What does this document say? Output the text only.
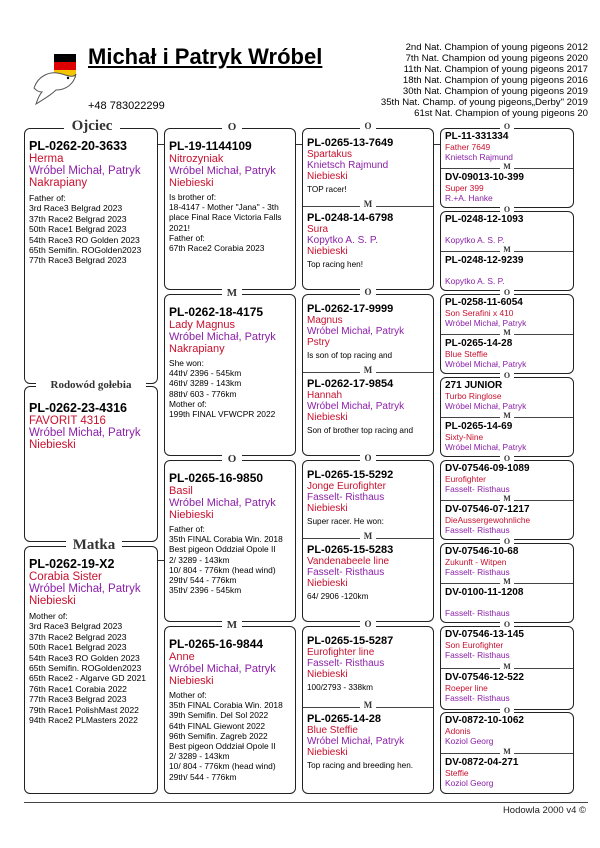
Michał i Patryk Wróbel
+48 783022299
2nd Nat. Champion of young pigeons 2012
7th Nat. Champion od young pigeons 2020
11th Nat. Champion of young pigeons 2017
18th Nat. Champion of young pigeons 2016
30th Nat. Champion of young pigeons 2019
35th Nat. Champ. of young pigeons„Derby" 2019
61st Nat. Champion of young pigeons 20
PL-0262-20-3633
Herma
Wróbel Michał, Patryk
Nakrapiany
Father of:
3rd Race3 Belgrad 2023
37th Race2 Belgrad 2023
50th Race1 Belgrad 2023
54th Race3 RO Golden 2023
65th Semifin. ROGolden2023
77th Race3 Belgrad 2023
Ojciec
PL-0262-23-4316
FAVORIT 4316
Wróbel Michał, Patryk
Niebieski
Rodowód gołebia
PL-0262-19-X2
Corabia Sister
Wróbel Michał, Patryk
Niebieski
Mother of:
3rd Race3 Belgrad 2023
37th Race2 Belgrad 2023
50th Race1 Belgrad 2023
54th Race3 RO Golden 2023
65th Semifin. ROGolden2023
65th Race2 - Algarve GD 2021
76th Race1 Corabia 2022
77th Race3 Belgrad 2023
79th Race1 PolishMast 2022
94th Race2 PLMasters 2022
Matka
PL-19-1144109
Nitrozyniak
Wróbel Michał, Patryk
Niebieski
Is brother of:
18-4147 - Mother "Jana" - 3th
place Final Race Victoria Falls
2021!
Father of:
67th Race2 Corabia 2023
O
PL-0262-18-4175
Lady Magnus
Wróbel Michał, Patryk
Nakrapiany
She won:
44th/ 2396 - 545km
46th/ 3289 - 143km
88th/ 603 - 776km
Mother of:
199th FINAL VFWCPR 2022
M
PL-0265-16-9850
Basil
Wróbel Michał, Patryk
Niebieski
Father of:
35th FINAL Corabia Win. 2018
Best pigeon Oddział Opole II
2/ 3289 - 143km
10/ 804 - 776km (head wind)
29th/ 544 - 776km
35th/ 2396 - 545km
O
PL-0265-16-9844
Anne
Wróbel Michał, Patryk
Niebieski
Mother of:
35th FINAL Corabia Win. 2018
39th Semifin. Del Sol 2022
64th FINAL Giewont 2022
96th Semifin. Zagreb 2022
Best pigeon Oddział Opole II
2/ 3289 - 143km
10/ 804 - 776km (head wind)
29th/ 544 - 776km
M
PL-0265-13-7649
Spartakus
Knietsch Rajmund
Niebieski
TOP racer!
PL-0248-14-6798
Sura
Kopytko A. S. P.
Niebieski
Top racing hen!
O
M
PL-0262-17-9999
Magnus
Wróbel Michał, Patryk
Pstry
Is son of top racing and
PL-0262-17-9854
Hannah
Wróbel Michał, Patryk
Niebieski
Son of brother top racing and
O
M
PL-0265-15-5292
Jonge Eurofighter
Fasselt- Risthaus
Niebieski
Super racer. He won:
PL-0265-15-5283
Vandenabeele line
Fasselt- Risthaus
Niebieski
64/ 2906 -120km
O
M
PL-0265-15-5287
Eurofighter line
Fasselt- Risthaus
Niebieski
100/2793 - 338km
PL-0265-14-28
Blue Steffie
Wróbel Michał, Patryk
Niebieski
Top racing and breeding hen.
O
M
PL-11-331334
Father 7649
Knietsch Rajmund
DV-09013-10-399
Super 399
R.+A. Hanke
O
M
PL-0248-12-1093

Kopytko A. S. P.
PL-0248-12-9239

Kopytko A. S. P.
O
M
PL-0258-11-6054
Son Serafini x 410
Wróbel Michał, Patryk
PL-0265-14-28
Blue Steffie
Wróbel Michał, Patryk
O
M
271 JUNIOR
Turbo Ringlose
Wróbel Michał, Patryk
PL-0265-14-69
Sixty-Nine
Wróbel Michał, Patryk
O
M
DV-07546-09-1089
Eurofighter
Fasselt- Risthaus
DV-07546-07-1217
DieAussergewohnliche
Fasselt- Risthaus
O
M
DV-07546-10-68
Zukunft - Witpen
Fasselt- Risthaus
DV-0100-11-1208

Fasselt- Risthaus
O
M
DV-07546-13-145
Son Eurofighter
Fasselt- Risthaus
DV-07546-12-522
Roeper line
Fasselt- Risthaus
O
M
DV-0872-10-1062
Adonis
Koziol Georg
DV-0872-04-271
Steffie
Koziol Georg
O
M
Hodowla 2000 v4 ©
